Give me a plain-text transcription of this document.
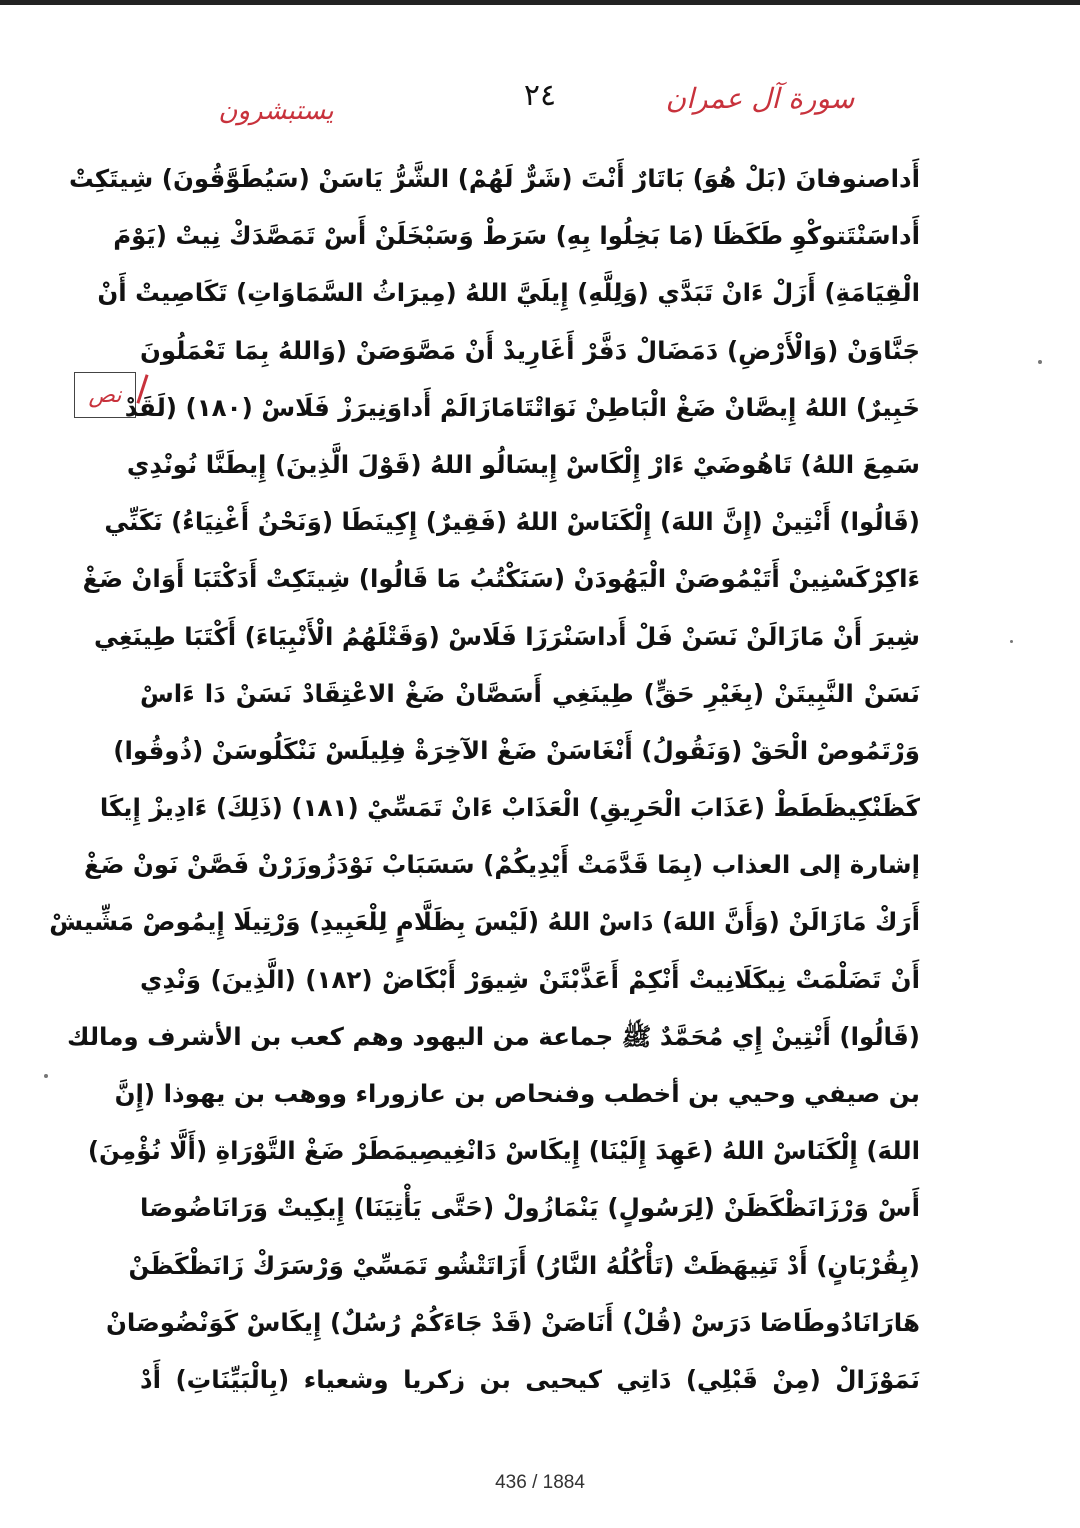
٢٤	سورة آل عمران
يستبشرون
نص
أَداصنوفانَ (بَلْ هُوَ) بَاتَارٌ أَنْتَ (شَرٌّ لَهُمْ) الشَّرُّ يَاسَنْ (سَيُطَوَّقُونَ) شِيتَكِتْ
أَداسَنْتَتوكْوِ طَكَظَا (مَا بَخِلُوا بِهِ) سَرَطْ وَسَبْخَلَنْ أَسْ تَمَصَّدَكْ نِيتْ (يَوْمَ
الْقِيَامَةِ) أَزَلْ ءَانْ تَبَدَّي (وَلِلَّهِ) إِيلَيَّ اللهُ (مِيرَاثُ السَّمَاوَاتِ) تَكَاصِيتْ أَنْ
جَنَّاوَنْ (وَالْأَرْضِ) دَمَضَالْ دَفَّرْ أَغَارِيدْ أَنْ مَصَّوَصَنْ (وَاللهُ بِمَا تَعْمَلُونَ
خَبِيرٌ) اللهُ إِيصَّانْ ضَغْ الْبَاطِنْ نَوَاتْتَامَازَالَمْ أَداوَنِيرَزْ فَلَاسْ (١٨٠) (لَقَدْ
سَمِعَ اللهُ) تَاهُوضَيْ ءَارْ إِلْكَاسْ إِيسَالُو اللهُ (قَوْلَ الَّذِينَ) إِيطَنَّا نُونْدِي
(قَالُوا) أَنْتِينْ (إِنَّ اللهَ) إِلْكَنَاسْ اللهُ (فَقِيرٌ) إِكِينَطَا (وَنَحْنُ أَغْنِيَاءُ) نَكَنِّي
ءَاكِرْكَسْنِينْ أَتَيْمُوصَنْ الْيَهُودَنْ (سَنَكْتُبُ مَا قَالُوا) شِيتَكِتْ أَدَكْتَبَا أَوَانْ ضَغْ
شِيرَ أَنْ مَازَالَنْ نَسَنْ فَلْ أَداسَنْرَزَا فَلَاسْ (وَقَتْلَهُمُ الْأَنْبِيَاءَ) أَكْتَبَا طِينَغِي
نَسَنْ النَّبِيتَنْ (بِغَيْرِ حَقٍّ) طِينَغِي أَسَصَّانْ ضَغْ الاعْتِقَادْ نَسَنْ دَا ءَاسْ
وَرْتَمُوصْ الْحَقْ (وَنَقُولُ) أَنْغَاسَنْ ضَغْ الآخِرَةْ فِلِيلَسْ نَنْكَلُوسَنْ (ذُوقُوا)
كَظَنْكِيظَطَطْ (عَذَابَ الْحَرِيقِ) الْعَذَابْ ءَانْ تَمَسِّيْ (١٨١) (ذَلِكَ) ءَادِيزْ إِيكَا
إشارة إلى العذاب (بِمَا قَدَّمَتْ أَيْدِيكُمْ) سَسَبَابْ نَوْدَزُوزَرْنْ فَصَّنْ نَونْ ضَغْ
أَرَكْ مَازَالَنْ (وَأَنَّ اللهَ) دَاسْ اللهُ (لَيْسَ بِظَلَّامٍ لِلْعَبِيدِ) وَرْتِيلَا إِيمُوصْ مَشِّيشْ
أَنْ تَضَلْمَتْ نِيكَلَانِيتْ أَنْكِمْ أَعَذَّبْتَنْ شِيوَرْ أَبْكَاضْ (١٨٢) (الَّذِينَ) وَنْدِي
(قَالُوا) أَنْتِينْ إِي مُحَمَّدٌ ﷺ جماعة من اليهود وهم كعب بن الأشرف ومالك
بن صيفي وحيي بن أخطب وفنحاص بن عازوراء ووهب بن يهوذا (إِنَّ
اللهَ) إِلْكَنَاسْ اللهُ (عَهِدَ إِلَيْنَا) إِيكَاسْ دَانْغِيصِيمَطَرْ ضَغْ التَّوْرَاةِ (أَلَّا نُؤْمِنَ)
أَسْ وَرْزَانَظْكَظَنْ (لِرَسُولٍ) يَنْمَازُولْ (حَتَّى يَأْتِيَنَا) إِيكِيتْ وَرَانَاضُوصَا
(بِقُرْبَانٍ) أَدْ تَنِيهَظَتْ (تَأْكُلُهُ النَّارُ) أَزَاتَتْشُو تَمَسِّيْ وَرْسَرَكْ زَانَظْكَظَنْ
هَارَانَادُوطَاصَا دَرَسْ (قُلْ) أَنَاصَنْ (قَدْ جَاءَكُمْ رُسُلٌ) إِيكَاسْ كَوَنْضُوصَانْ
نَمَوْزَالْ (مِنْ قَبْلِي) دَاتِي كيحيى بن زكريا وشعياء (بِالْبَيِّنَاتِ) أَدْ
436 / 1884
